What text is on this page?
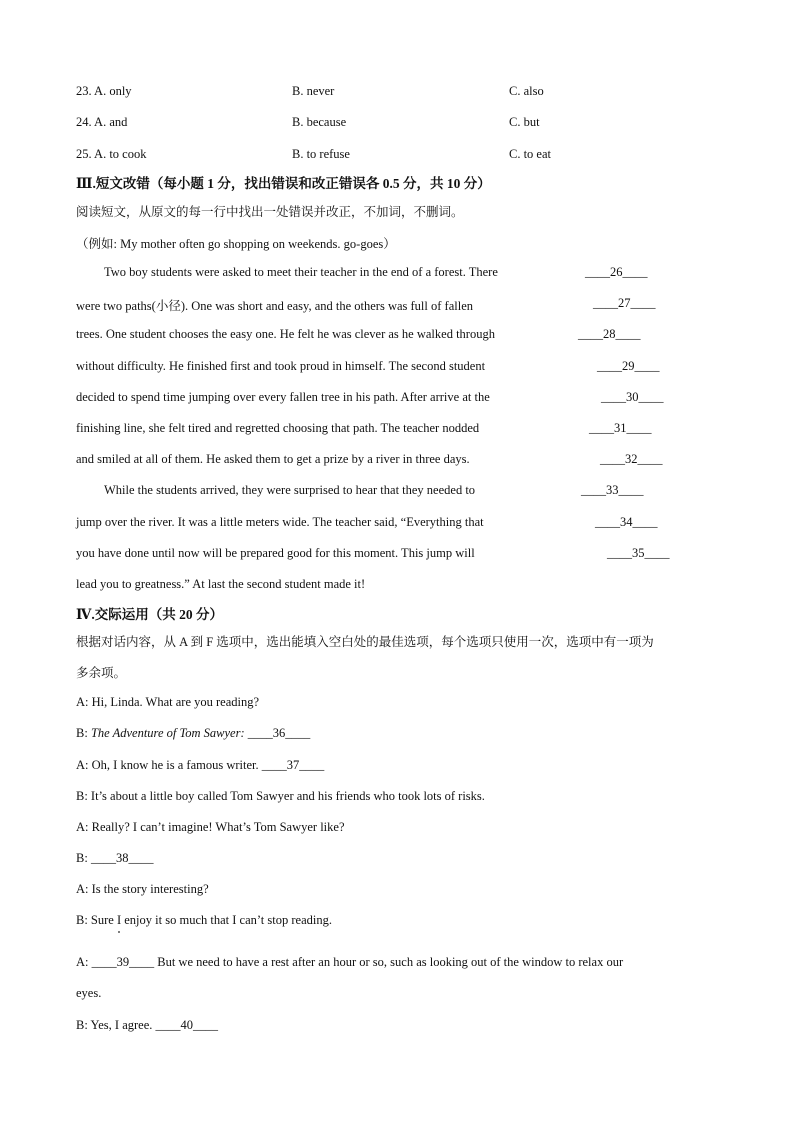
23. A. only	B. never	C. also
24. A. and	B. because	C. but
25. A. to cook	B. to refuse	C. to eat
Ⅲ.短文改错（每小题 1 分，找出错误和改正错误各 0.5 分，共 10 分）
阅读短文，从原文的每一行中找出一处错误并改正，不加词，不删词。
（例如: My mother often go shopping on weekends. go-goes）
Two boy students were asked to meet their teacher in the end of a forest. There
were two paths(小径). One was short and easy, and the others was full of fallen
trees. One student chooses the easy one. He felt he was clever as he walked through
without difficulty. He finished first and took proud in himself. The second student
decided to spend time jumping over every fallen tree in his path. After arrive at the
finishing line, she felt tired and regretted choosing that path. The teacher nodded
and smiled at all of them. He asked them to get a prize by a river in three days.
While the students arrived, they were surprised to hear that they needed to
jump over the river. It was a little meters wide. The teacher said, “Everything that
you have done until now will be prepared good for this moment. This jump will
lead you to greatness.” At last the second student made it!
____26____
____27____
____28____
____29____
____30____
____31____
____32____
____33____
____34____
____35____
Ⅳ.交际运用（共 20 分）
根据对话内容，从 A 到 F 选项中，选出能填入空白处的最佳选项，每个选项只使用一次，选项中有一项为
多余项。
A: Hi, Linda. What are you reading?
B: The Adventure of Tom Sawyer: ____36____
A: Oh, I know he is a famous writer. ____37____
B: It’s about a little boy called Tom Sawyer and his friends who took lots of risks.
A: Really? I can’t imagine! What’s Tom Sawyer like?
B: ____38____
A: Is the story interesting?
B: Sure I enjoy it so much that I can’t stop reading.
A: ____39____ But we need to have a rest after an hour or so, such as looking out of the window to relax our
eyes.
B: Yes, I agree. ____40____
